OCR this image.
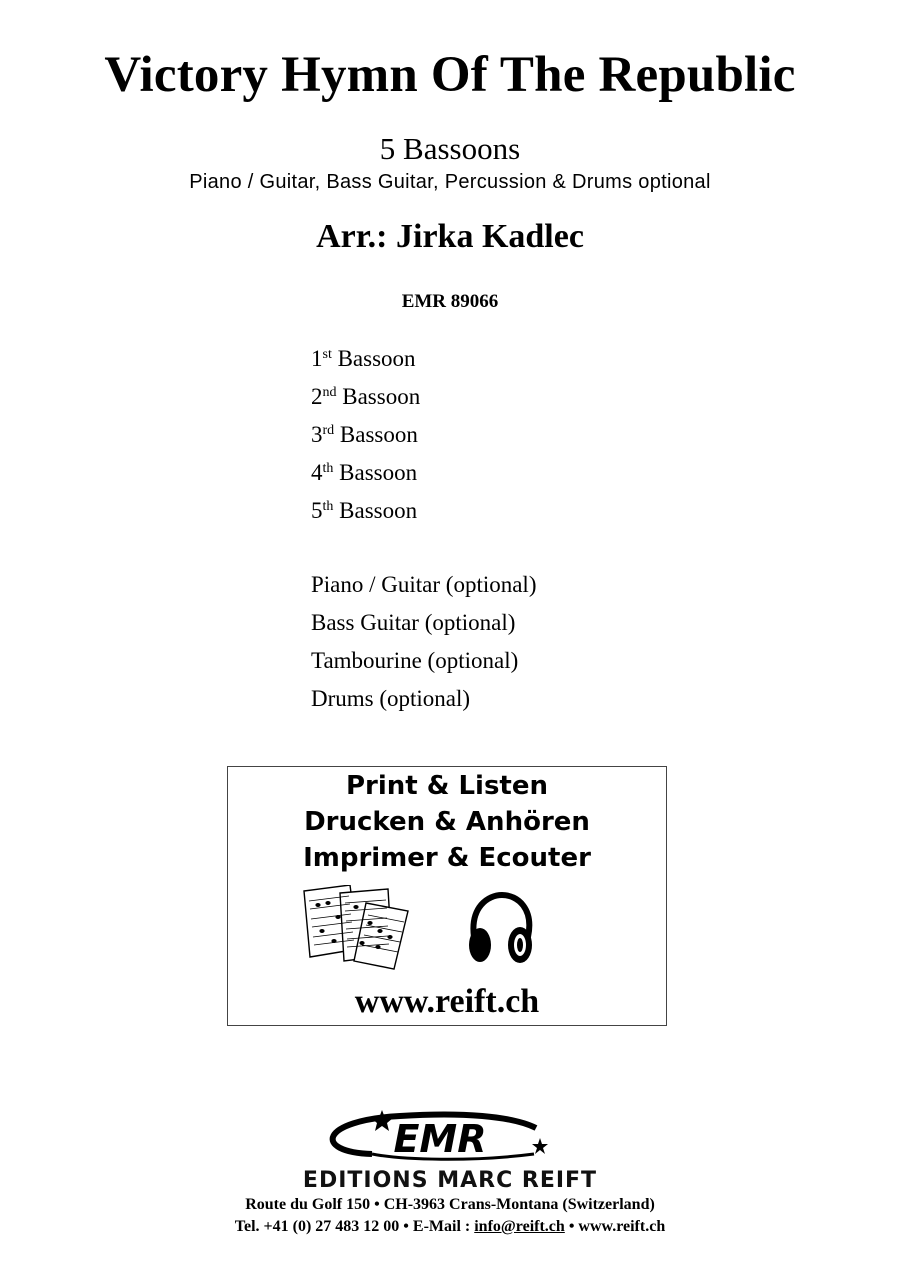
Victory Hymn Of The Republic
5 Bassoons
Piano / Guitar, Bass Guitar, Percussion & Drums optional
Arr.: Jirka Kadlec
EMR 89066
1st Bassoon
2nd Bassoon
3rd Bassoon
4th Bassoon
5th Bassoon
Piano / Guitar (optional)
Bass Guitar (optional)
Tambourine (optional)
Drums (optional)
Print & Listen
Drucken & Anhören
Imprimer & Ecouter
www.reift.ch
EMR
EDITIONS MARC REIFT
Route du Golf 150 • CH-3963 Crans-Montana (Switzerland)
Tel. +41 (0) 27 483 12 00 • E-Mail : info@reift.ch • www.reift.ch
